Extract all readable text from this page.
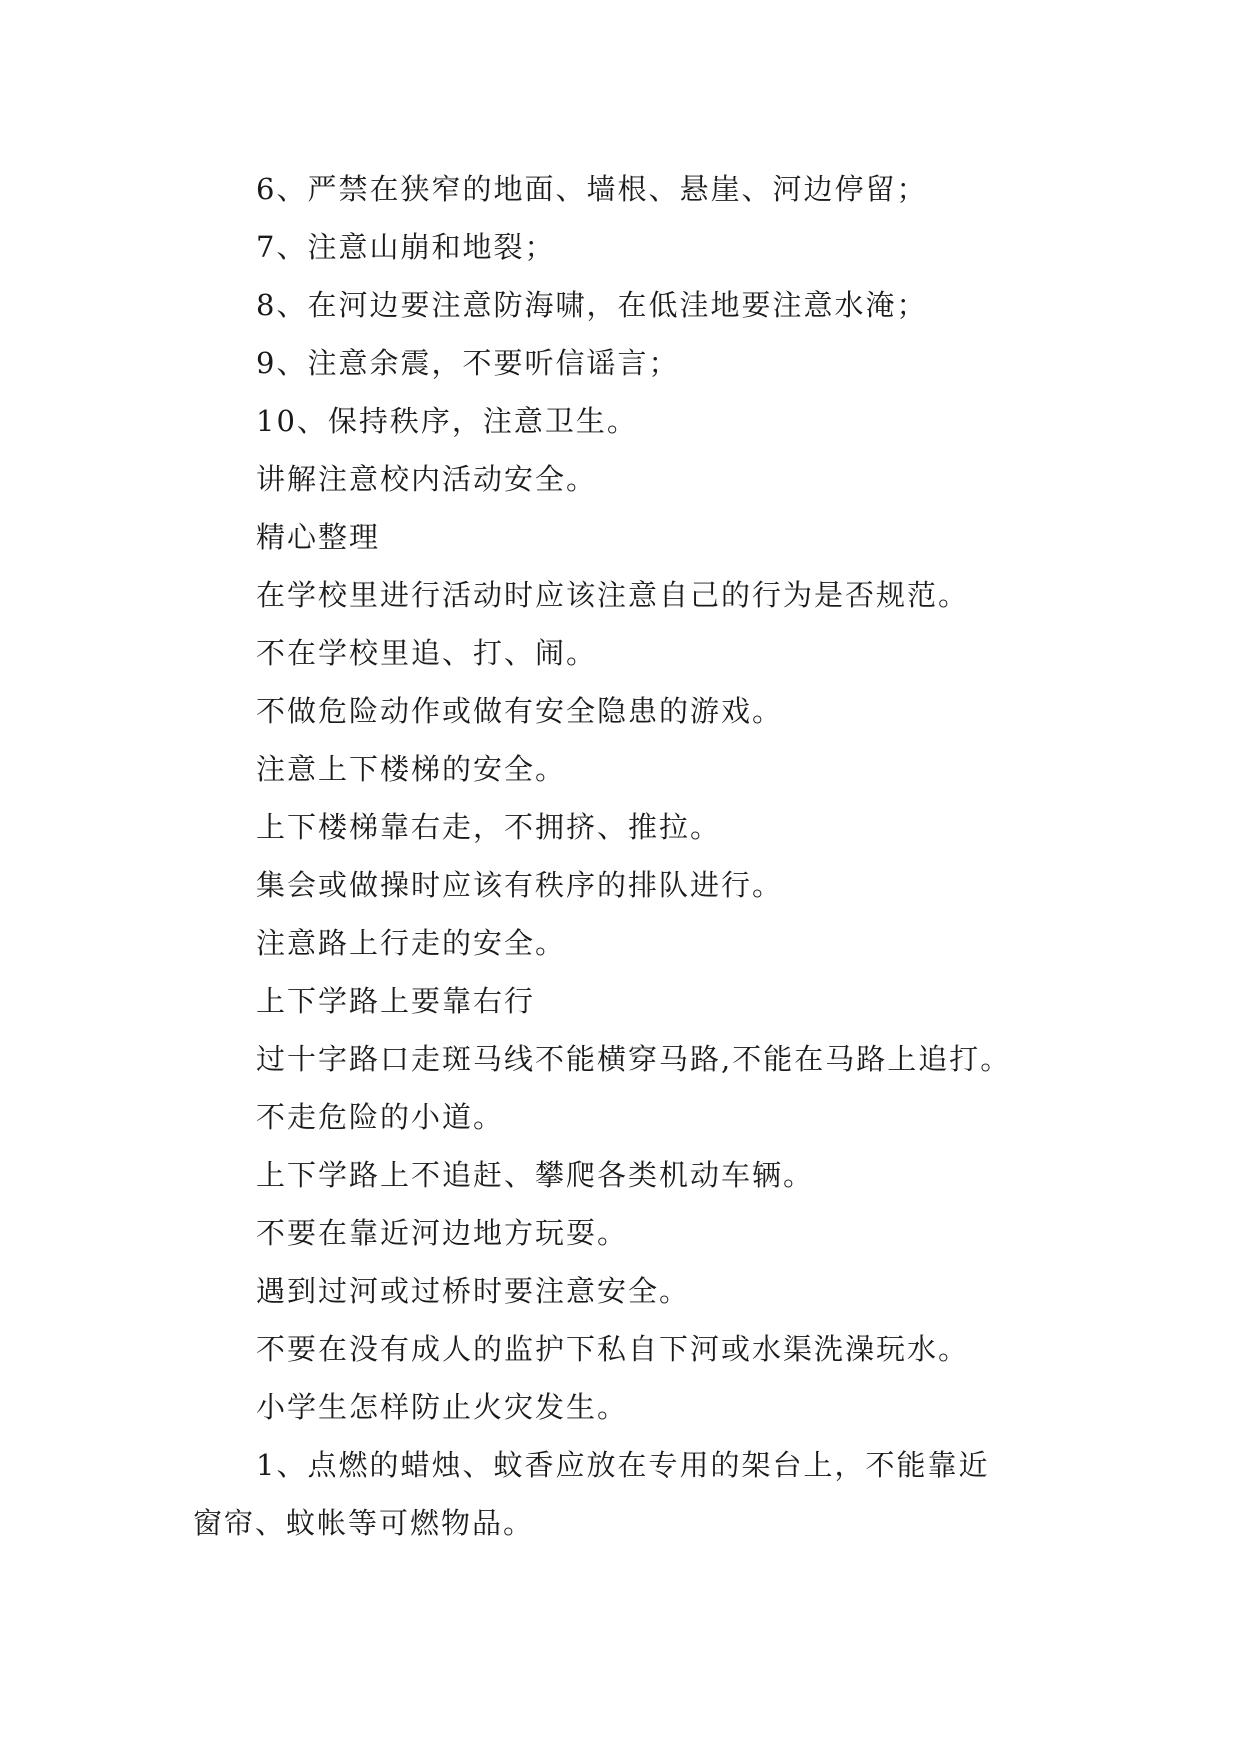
6、严禁在狭窄的地面、墙根、悬崖、河边停留；
7、注意山崩和地裂；
8、在河边要注意防海啸，在低洼地要注意水淹；
9、注意余震，不要听信谣言；
10、保持秩序，注意卫生。
讲解注意校内活动安全。
精心整理
在学校里进行活动时应该注意自己的行为是否规范。
不在学校里追、打、闹。
不做危险动作或做有安全隐患的游戏。
注意上下楼梯的安全。
上下楼梯靠右走，不拥挤、推拉。
集会或做操时应该有秩序的排队进行。
注意路上行走的安全。
上下学路上要靠右行
过十字路口走斑马线不能横穿马路,不能在马路上追打。
不走危险的小道。
上下学路上不追赶、攀爬各类机动车辆。
不要在靠近河边地方玩耍。
遇到过河或过桥时要注意安全。
不要在没有成人的监护下私自下河或水渠洗澡玩水。
小学生怎样防止火灾发生。
1、点燃的蜡烛、蚊香应放在专用的架台上，不能靠近
窗帘、蚊帐等可燃物品。
